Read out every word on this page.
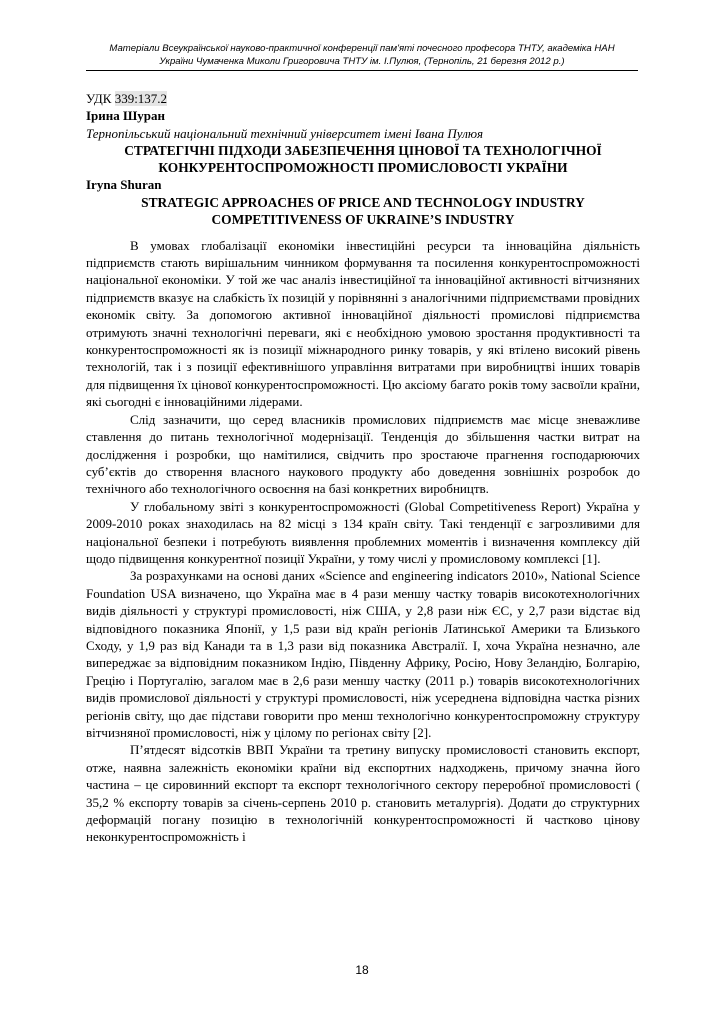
Матеріали Всеукраїнської науково-практичної конференції пам'яті почесного професора ТНТУ, академіка НАН
України Чумаченка Миколи Григоровича ТНТУ ім. І.Пулюя, (Тернопіль, 21 березня 2012 р.)

УДК 339:137.2

Ірина Шуран

Тернопільський національний технічний університет імені Івана Пулюя

СТРАТЕГІЧНІ ПІДХОДИ ЗАБЕЗПЕЧЕННЯ ЦІНОВОЇ ТА ТЕХНОЛОГІЧНОЇ КОНКУРЕНТОСПРОМОЖНОСТІ ПРОМИСЛОВОСТІ УКРАЇНИ

Iryna Shuran

STRATEGIC APPROACHES OF PRICE AND TECHNOLOGY INDUSTRY COMPETITIVENESS OF UKRAINE’S INDUSTRY

В умовах глобалізації економіки інвестиційні ресурси та інноваційна діяльність підприємств стають вирішальним чинником формування та посилення конкурентоспроможності національної економіки. У той же час аналіз інвестиційної та інноваційної активності вітчизняних підприємств вказує на слабкість їх позицій у порівнянні з аналогічними підприємствами провідних економік світу. За допомогою активної інноваційної діяльності промислові підприємства отримують значні технологічні переваги, які є необхідною умовою зростання продуктивності та конкурентоспроможності як із позиції міжнародного ринку товарів, у які втілено високий рівень технологій, так і з позиції ефективнішого управління витратами при виробництві інших товарів для підвищення їх цінової конкурентоспроможності. Цю аксіому багато років тому засвоїли країни, які сьогодні є інноваційними лідерами.

Слід зазначити, що серед власників промислових підприємств має місце зневажливе ставлення до питань технологічної модернізації. Тенденція до збільшення частки витрат на дослідження і розробки, що намітилися, свідчить про зростаюче прагнення господарюючих суб’єктів до створення власного наукового продукту або доведення зовнішніх розробок до технічного або технологічного освоєння на базі конкретних виробництв.

У глобальному звіті з конкурентоспроможності (Global Competitiveness Report) Україна у 2009-2010 роках знаходилась на 82 місці з 134 країн світу. Такі тенденції є загрозливими для національної безпеки і потребують виявлення проблемних моментів і визначення комплексу дій щодо підвищення конкурентної позиції України, у тому числі у промисловому комплексі [1].

За розрахунками на основі даних «Science and engineering indicators 2010», National Science Foundation USA визначено, що Україна має в 4 рази меншу частку товарів високотехнологічних видів діяльності у структурі промисловості, ніж США, у 2,8 рази ніж ЄС, у 2,7 рази відстає від відповідного показника Японії, у 1,5 рази від країн регіонів Латинської Америки та Близького Сходу, у 1,9 раз від Канади та в 1,3 рази від показника Австралії. І, хоча Україна незначно, але випереджає за відповідним показником Індію, Південну Африку, Росію, Нову Зеландію, Болгарію, Грецію і Португалію, загалом має в 2,6 рази меншу частку (2011 р.) товарів високотехнологічних видів промислової діяльності у структурі промисловості, ніж усереднена відповідна частка різних регіонів світу, що дає підстави говорити про менш технологічно конкурентоспроможну структуру вітчизняної промисловості, ніж у цілому по регіонах світу [2].

П’ятдесят відсотків ВВП України та третину випуску промисловості становить експорт, отже, наявна залежність економіки країни від експортних надходжень, причому значна його частина – це сировинний експорт та експорт технологічного сектору переробної промисловості ( 35,2 % експорту товарів за січень-серпень 2010 р. становить металургія). Додати до структурних деформацій погану позицію в технологічній конкурентоспроможності й частково цінову неконкурентоспроможність і

18
